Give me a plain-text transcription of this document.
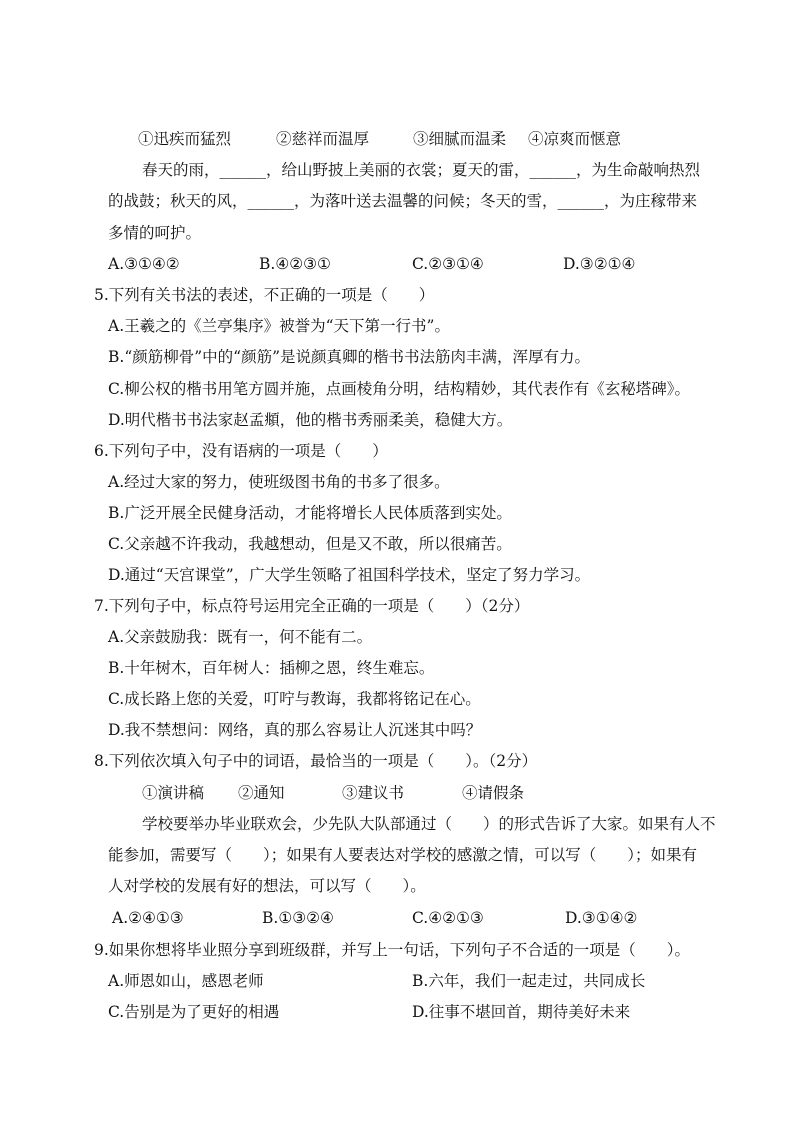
①迅疾而猛烈	②慈祥而温厚	③细腻而温柔 ④凉爽而惬意
春天的雨，______，给山野披上美丽的衣裳；夏天的雷，______，为生命敲响热烈
的战鼓；秋天的风，______，为落叶送去温馨的问候；冬天的雪，______，为庄稼带来
多情的呵护。
A.③①④②	B.④②③①	C.②③①④	D.③②①④
5.下列有关书法的表述，不正确的一项是（　　）
A.王羲之的《兰亭集序》被誉为“天下第一行书”。
B.“颜筋柳骨”中的“颜筋”是说颜真卿的楷书书法筋肉丰满，浑厚有力。
C.柳公权的楷书用笔方圆并施，点画棱角分明，结构精妙，其代表作有《玄秘塔碑》。
D.明代楷书书法家赵孟頫，他的楷书秀丽柔美，稳健大方。
6.下列句子中，没有语病的一项是（　　）
A.经过大家的努力，使班级图书角的书多了很多。
B.广泛开展全民健身活动，才能将增长人民体质落到实处。
C.父亲越不许我动，我越想动，但是又不敢，所以很痛苦。
D.通过“天宫课堂”，广大学生领略了祖国科学技术，坚定了努力学习。
7.下列句子中，标点符号运用完全正确的一项是（　　）（2分）
A.父亲鼓励我：既有一，何不能有二。
B.十年树木，百年树人：插柳之恩，终生难忘。
C.成长路上您的关爱，叮咛与教诲，我都将铭记在心。
D.我不禁想问：网络，真的那么容易让人沉迷其中吗？
8.下列依次填入句子中的词语，最恰当的一项是（　　）。（2分）
①演讲稿 ②通知	③建议书	④请假条
学校要举办毕业联欢会，少先队大队部通过（　　）的形式告诉了大家。如果有人不
能参加，需要写（　　）；如果有人要表达对学校的感激之情，可以写（　　）；如果有
人对学校的发展有好的想法，可以写（　　）。
A.②④①③	B.①③②④	C.④②①③	D.③①④②
9.如果你想将毕业照分享到班级群，并写上一句话，下列句子不合适的一项是（　　）。
A.师恩如山，感恩老师	B.六年，我们一起走过，共同成长
C.告别是为了更好的相遇	D.往事不堪回首，期待美好未来
